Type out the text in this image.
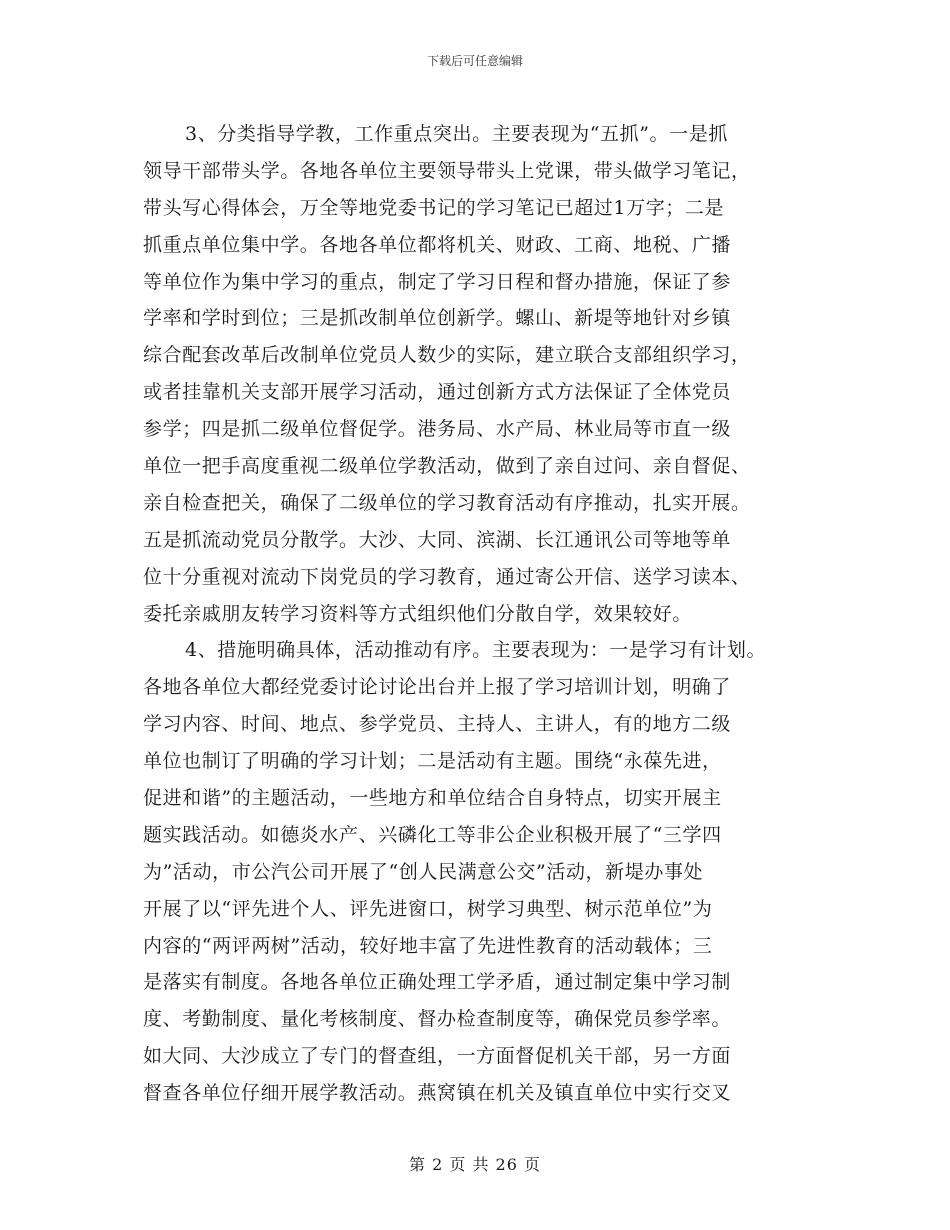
下载后可任意编辑
3、分类指导学教，工作重点突出。主要表现为“五抓”。一是抓
领导干部带头学。各地各单位主要领导带头上党课，带头做学习笔记，
带头写心得体会，万全等地党委书记的学习笔记已超过1万字；二是
抓重点单位集中学。各地各单位都将机关、财政、工商、地税、广播
等单位作为集中学习的重点，制定了学习日程和督办措施，保证了参
学率和学时到位；三是抓改制单位创新学。螺山、新堤等地针对乡镇
综合配套改革后改制单位党员人数少的实际，建立联合支部组织学习，
或者挂靠机关支部开展学习活动，通过创新方式方法保证了全体党员
参学；四是抓二级单位督促学。港务局、水产局、林业局等市直一级
单位一把手高度重视二级单位学教活动，做到了亲自过问、亲自督促、
亲自检查把关，确保了二级单位的学习教育活动有序推动，扎实开展。
五是抓流动党员分散学。大沙、大同、滨湖、长江通讯公司等地等单
位十分重视对流动下岗党员的学习教育，通过寄公开信、送学习读本、
委托亲戚朋友转学习资料等方式组织他们分散自学，效果较好。
4、措施明确具体，活动推动有序。主要表现为：一是学习有计划。
各地各单位大都经党委讨论讨论出台并上报了学习培训计划，明确了
学习内容、时间、地点、参学党员、主持人、主讲人，有的地方二级
单位也制订了明确的学习计划；二是活动有主题。围绕“永葆先进，
促进和谐”的主题活动，一些地方和单位结合自身特点，切实开展主
题实践活动。如德炎水产、兴磷化工等非公企业积极开展了“三学四
为”活动，市公汽公司开展了“创人民满意公交”活动，新堤办事处
开展了以“评先进个人、评先进窗口，树学习典型、树示范单位”为
内容的“两评两树”活动，较好地丰富了先进性教育的活动载体；三
是落实有制度。各地各单位正确处理工学矛盾，通过制定集中学习制
度、考勤制度、量化考核制度、督办检查制度等，确保党员参学率。
如大同、大沙成立了专门的督查组，一方面督促机关干部，另一方面
督查各单位仔细开展学教活动。燕窝镇在机关及镇直单位中实行交叉
第 2 页 共 26 页
